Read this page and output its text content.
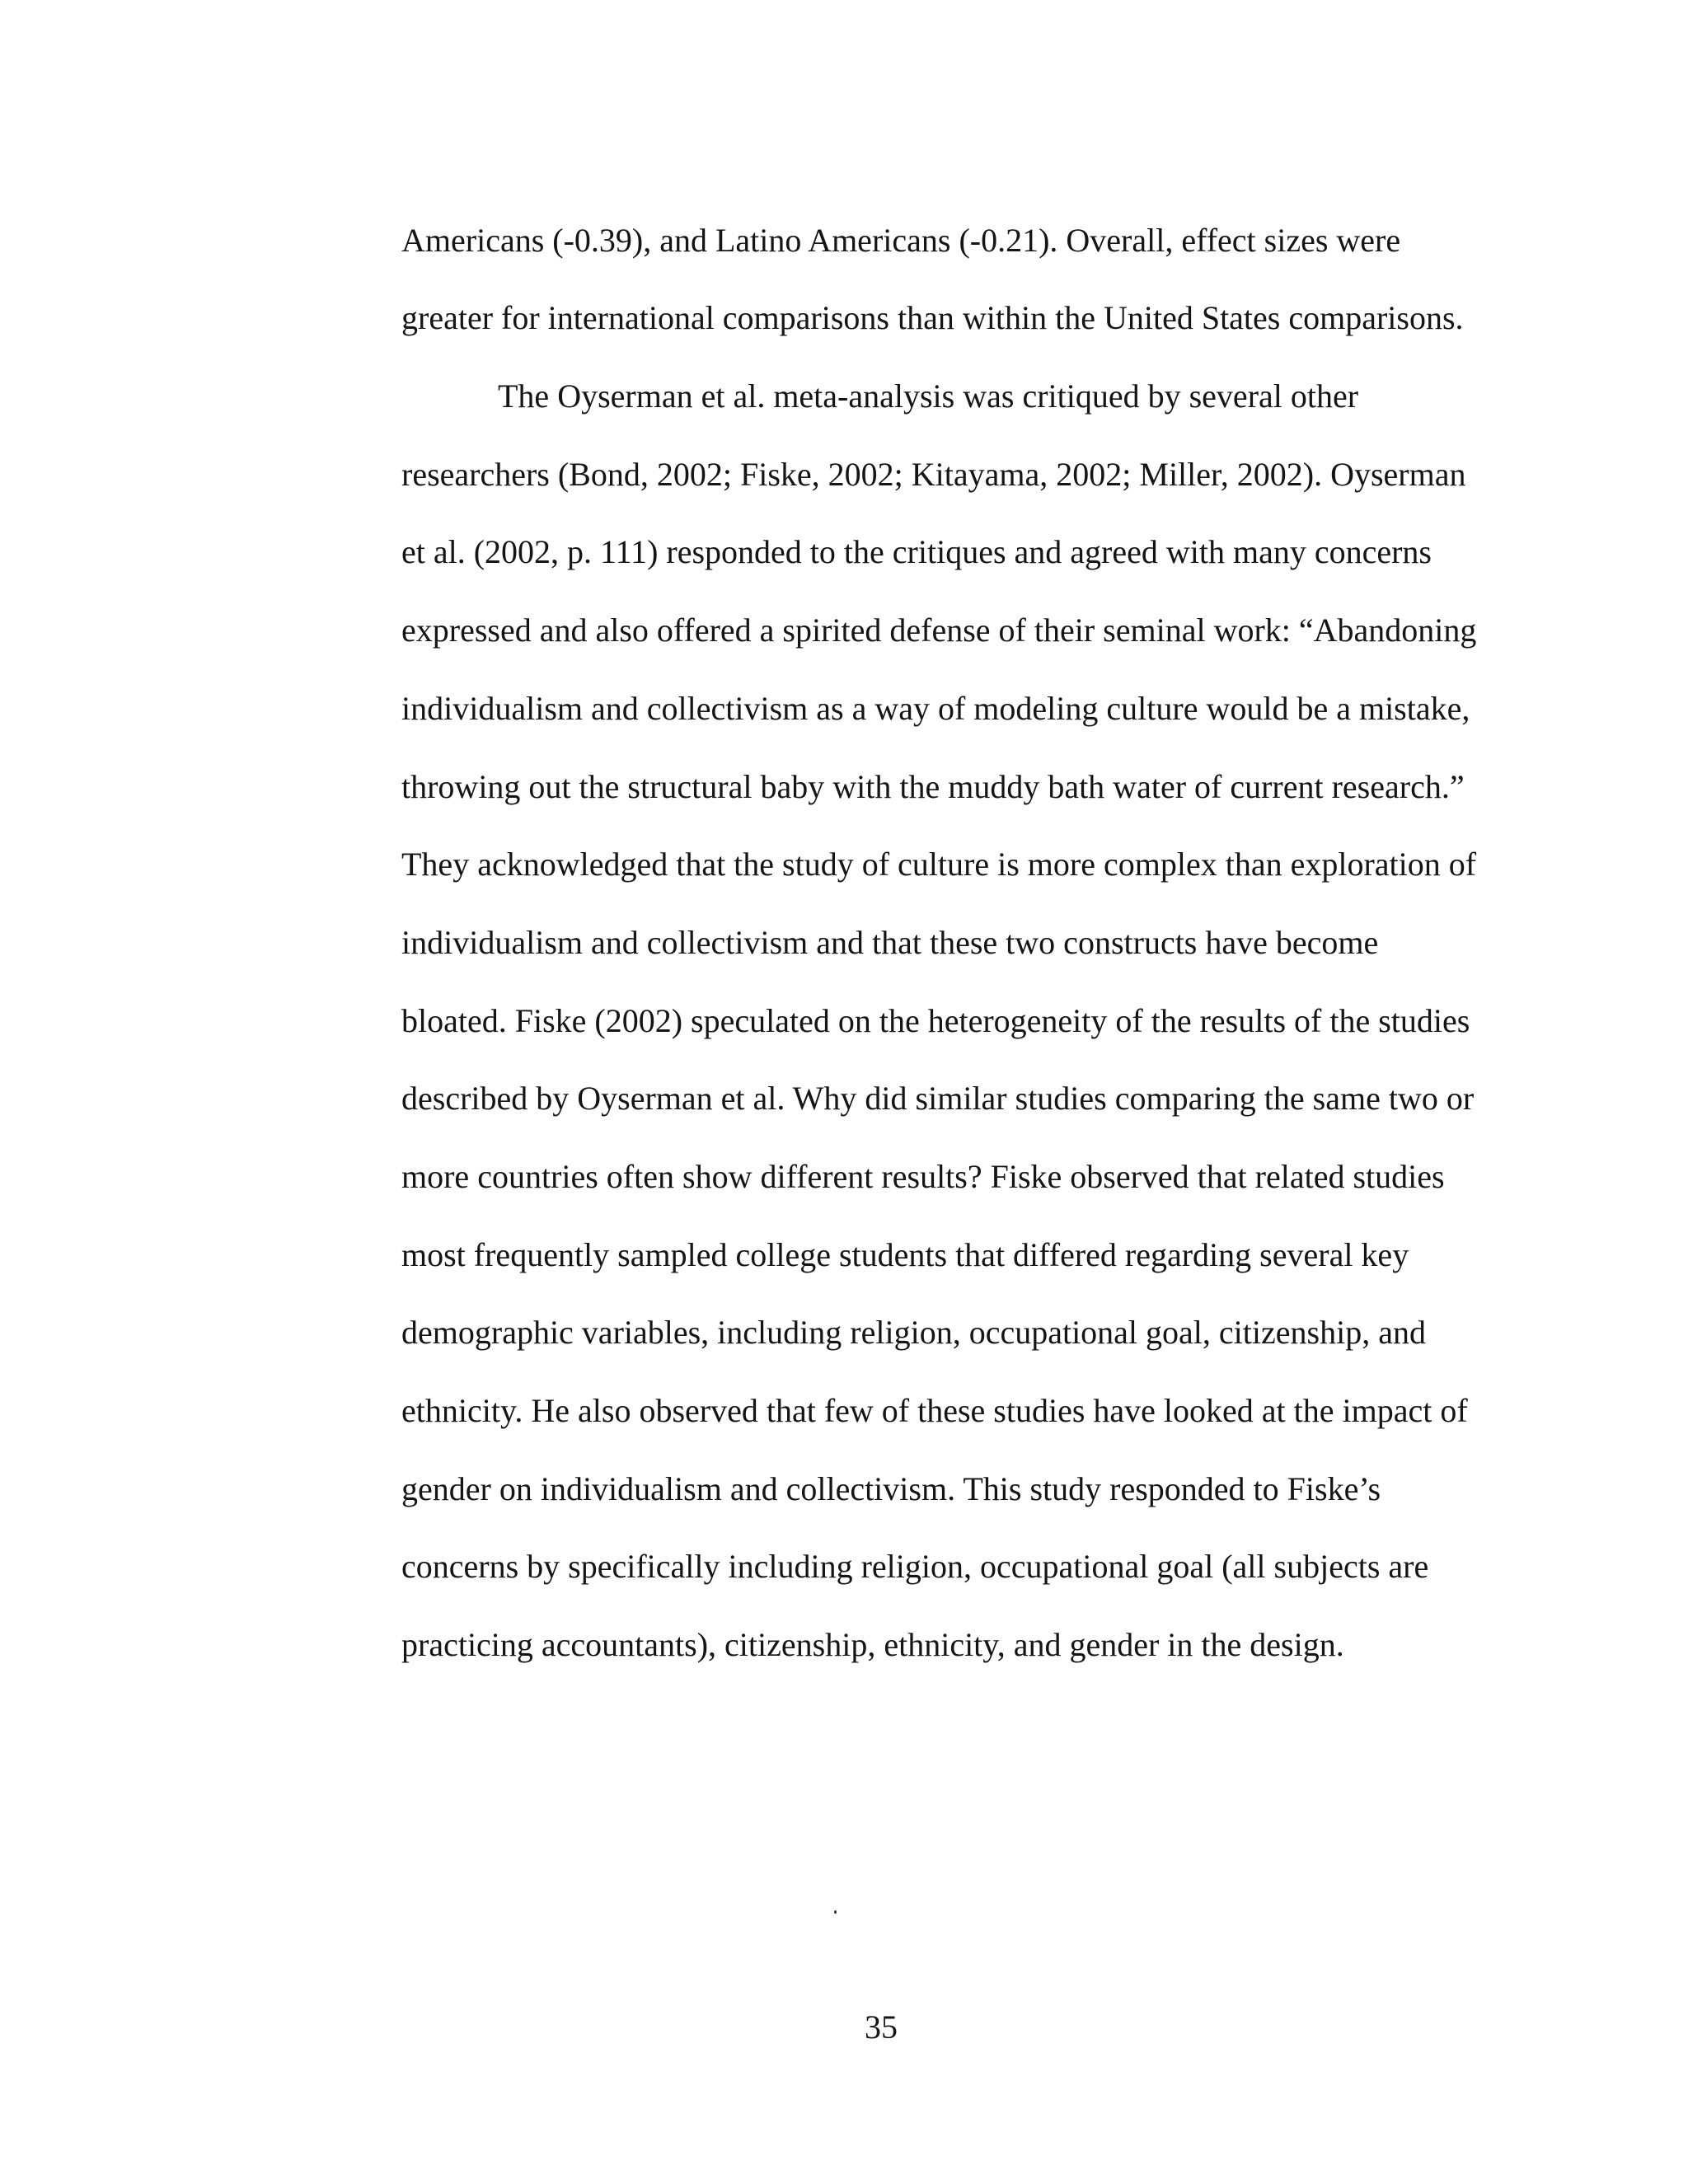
Americans (-0.39), and Latino Americans (-0.21). Overall, effect sizes were
greater for international comparisons than within the United States comparisons.
The Oyserman et al. meta-analysis was critiqued by several other
researchers (Bond, 2002; Fiske, 2002; Kitayama, 2002; Miller, 2002). Oyserman
et al. (2002, p. 111) responded to the critiques and agreed with many concerns
expressed and also offered a spirited defense of their seminal work: “Abandoning
individualism and collectivism as a way of modeling culture would be a mistake,
throwing out the structural baby with the muddy bath water of current research.”
They acknowledged that the study of culture is more complex than exploration of
individualism and collectivism and that these two constructs have become
bloated. Fiske (2002) speculated on the heterogeneity of the results of the studies
described by Oyserman et al. Why did similar studies comparing the same two or
more countries often show different results? Fiske observed that related studies
most frequently sampled college students that differed regarding several key
demographic variables, including religion, occupational goal, citizenship, and
ethnicity. He also observed that few of these studies have looked at the impact of
gender on individualism and collectivism. This study responded to Fiske’s
concerns by specifically including religion, occupational goal (all subjects are
practicing accountants), citizenship, ethnicity, and gender in the design.
35
